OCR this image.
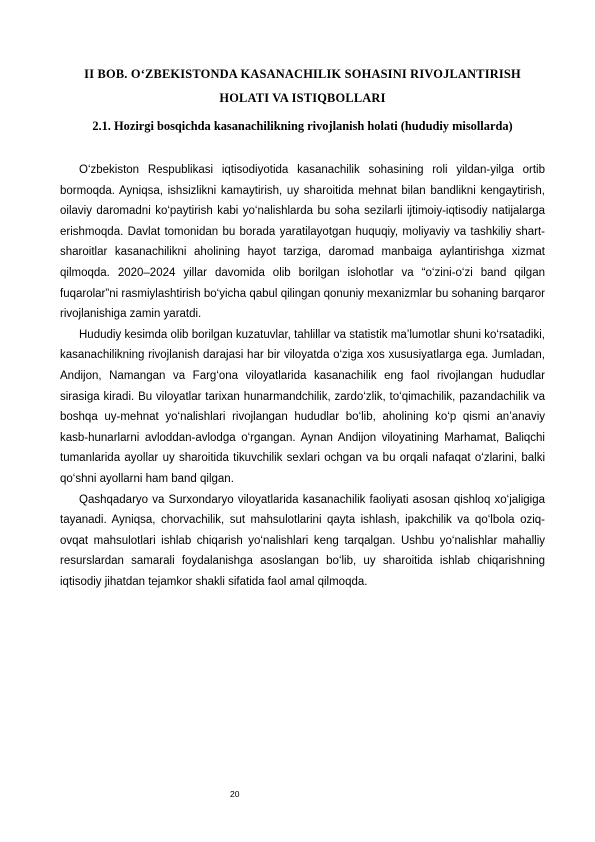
II BOB. O‘ZBEKISTONDA KASANACHILIK SOHASINI RIVOJLANTIRISH HOLATI VA ISTIQBOLLARI
2.1. Hozirgi bosqichda kasanachilikning rivojlanish holati (hududiy misollarda)

O‘zbekiston Respublikasi iqtisodiyotida kasanachilik sohasining roli yildan-yilga ortib bormoqda. Ayniqsa, ishsizlikni kamaytirish, uy sharoitida mehnat bilan bandlikni kengaytirish, oilaviy daromadni ko‘paytirish kabi yo‘nalishlarda bu soha sezilarli ijtimoiy-iqtisodiy natijalarga erishmoqda. Davlat tomonidan bu borada yaratilayotgan huquqiy, moliyaviy va tashkiliy shart-sharoitlar kasanachilikni aholining hayot tarziga, daromad manbaiga aylantirishga xizmat qilmoqda. 2020–2024 yillar davomida olib borilgan islohotlar va “o‘zini-o‘zi band qilgan fuqarolar”ni rasmiylashtirish bo‘yicha qabul qilingan qonuniy mexanizmlar bu sohaning barqaror rivojlanishiga zamin yaratdi.

Hududiy kesimda olib borilgan kuzatuvlar, tahlillar va statistik ma’lumotlar shuni ko‘rsatadiki, kasanachilikning rivojlanish darajasi har bir viloyatda o‘ziga xos xususiyatlarga ega. Jumladan, Andijon, Namangan va Farg‘ona viloyatlarida kasanachilik eng faol rivojlangan hududlar sirasiga kiradi. Bu viloyatlar tarixan hunarmandchilik, zardo‘zlik, to‘qimachilik, pazandachilik va boshqa uy-mehnat yo‘nalishlari rivojlangan hududlar bo‘lib, aholining ko‘p qismi an’anaviy kasb-hunarlarni avloddan-avlodga o‘rgangan. Aynan Andijon viloyatining Marhamat, Baliqchi tumanlarida ayollar uy sharoitida tikuvchilik sexlari ochgan va bu orqali nafaqat o‘zlarini, balki qo‘shni ayollarni ham band qilgan.

Qashqadaryo va Surxondaryo viloyatlarida kasanachilik faoliyati asosan qishloq xo‘jaligiga tayanadi. Ayniqsa, chorvachilik, sut mahsulotlarini qayta ishlash, ipakchilik va qo‘lbola oziq-ovqat mahsulotlari ishlab chiqarish yo‘nalishlari keng tarqalgan. Ushbu yo‘nalishlar mahalliy resurslardan samarali foydalanishga asoslangan bo‘lib, uy sharoitida ishlab chiqarishning iqtisodiy jihatdan tejamkor shakli sifatida faol amal qilmoqda.

20
